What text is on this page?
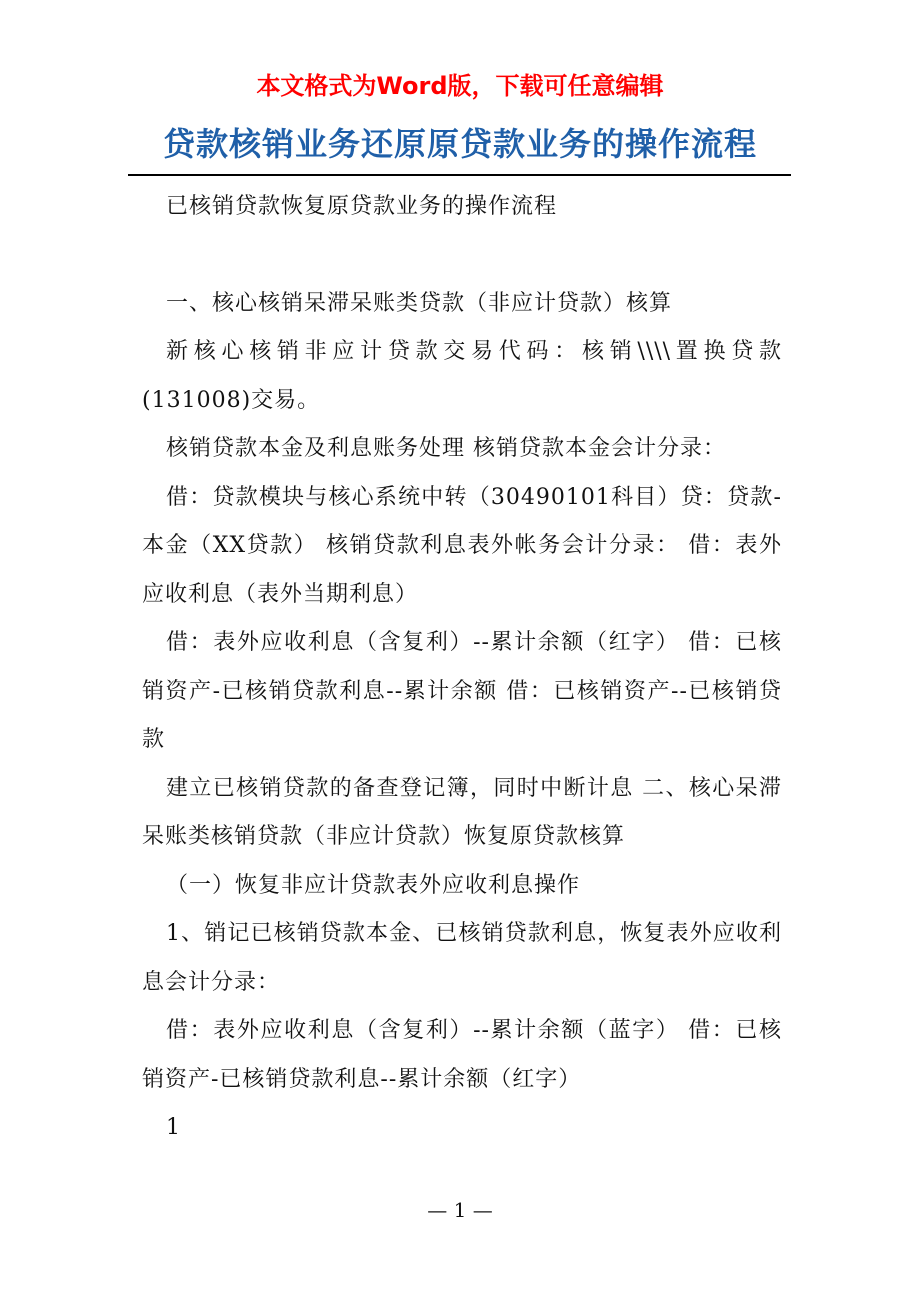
本文格式为Word版，下载可任意编辑
贷款核销业务还原原贷款业务的操作流程

已核销贷款恢复原贷款业务的操作流程

一、核心核销呆滞呆账类贷款（非应计贷款）核算

新核心核销非应计贷款交易代码：核销\\\\置换贷款(131008)交易。

核销贷款本金及利息账务处理 核销贷款本金会计分录：

借：贷款模块与核心系统中转（30490101科目）贷：贷款-本金（XX贷款） 核销贷款利息表外帐务会计分录： 借：表外应收利息（表外当期利息）

借：表外应收利息（含复利）--累计余额（红字） 借：已核销资产-已核销贷款利息--累计余额 借：已核销资产--已核销贷款

建立已核销贷款的备查登记簿，同时中断计息 二、核心呆滞呆账类核销贷款（非应计贷款）恢复原贷款核算

（一）恢复非应计贷款表外应收利息操作

1、销记已核销贷款本金、已核销贷款利息，恢复表外应收利息会计分录：

借：表外应收利息（含复利）--累计余额（蓝字） 借：已核销资产-已核销贷款利息--累计余额（红字）

1

— 1 —
